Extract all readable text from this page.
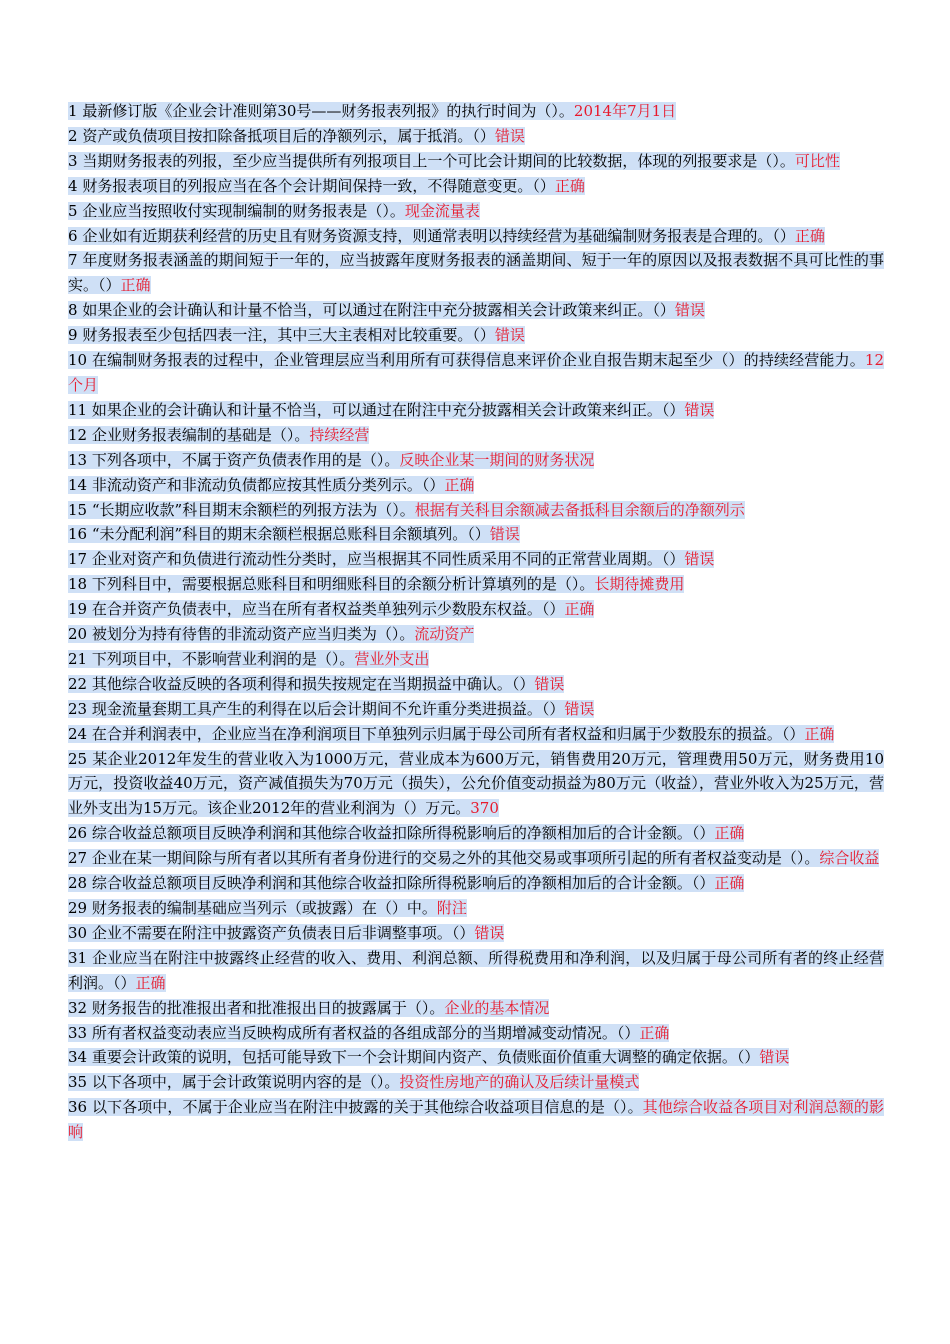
1 最新修订版《企业会计准则第30号——财务报表列报》的执行时间为（）。2014年7月1日

2 资产或负债项目按扣除备抵项目后的净额列示，属于抵消。（）错误

3 当期财务报表的列报，至少应当提供所有列报项目上一个可比会计期间的比较数据，体现的列报要求是（）。可比性

4 财务报表项目的列报应当在各个会计期间保持一致，不得随意变更。（）正确

5 企业应当按照收付实现制编制的财务报表是（）。现金流量表

6 企业如有近期获利经营的历史且有财务资源支持，则通常表明以持续经营为基础编制财务报表是合理的。（）正确

7 年度财务报表涵盖的期间短于一年的，应当披露年度财务报表的涵盖期间、短于一年的原因以及报表数据不具可比性的事实。（）正确

8 如果企业的会计确认和计量不恰当，可以通过在附注中充分披露相关会计政策来纠正。（）错误

9 财务报表至少包括四表一注，其中三大主表相对比较重要。（）错误

10 在编制财务报表的过程中，企业管理层应当利用所有可获得信息来评价企业自报告期末起至少（）的持续经营能力。12个月

11 如果企业的会计确认和计量不恰当，可以通过在附注中充分披露相关会计政策来纠正。（）错误

12 企业财务报表编制的基础是（）。持续经营

13 下列各项中，不属于资产负债表作用的是（）。反映企业某一期间的财务状况

14 非流动资产和非流动负债都应按其性质分类列示。（）正确

15 “长期应收款”科目期末余额栏的列报方法为（）。根据有关科目余额减去备抵科目余额后的净额列示

16 “未分配利润”科目的期末余额栏根据总账科目余额填列。（）错误

17 企业对资产和负债进行流动性分类时，应当根据其不同性质采用不同的正常营业周期。（）错误

18 下列科目中，需要根据总账科目和明细账科目的余额分析计算填列的是（）。长期待摊费用

19 在合并资产负债表中，应当在所有者权益类单独列示少数股东权益。（）正确

20 被划分为持有待售的非流动资产应当归类为（）。流动资产

21 下列项目中，不影响营业利润的是（）。营业外支出

22 其他综合收益反映的各项利得和损失按规定在当期损益中确认。（）错误

23 现金流量套期工具产生的利得在以后会计期间不允许重分类进损益。（）错误

24 在合并利润表中，企业应当在净利润项目下单独列示归属于母公司所有者权益和归属于少数股东的损益。（）正确

25 某企业2012年发生的营业收入为1000万元，营业成本为600万元，销售费用20万元，管理费用50万元，财务费用10万元，投资收益40万元，资产减值损失为70万元（损失），公允价值变动损益为80万元（收益），营业外收入为25万元，营业外支出为15万元。该企业2012年的营业利润为（）万元。370

26 综合收益总额项目反映净利润和其他综合收益扣除所得税影响后的净额相加后的合计金额。（）正确

27 企业在某一期间除与所有者以其所有者身份进行的交易之外的其他交易或事项所引起的所有者权益变动是（）。综合收益

28 综合收益总额项目反映净利润和其他综合收益扣除所得税影响后的净额相加后的合计金额。（）正确

29 财务报表的编制基础应当列示（或披露）在（）中。附注

30 企业不需要在附注中披露资产负债表日后非调整事项。（）错误

31 企业应当在附注中披露终止经营的收入、费用、利润总额、所得税费用和净利润，以及归属于母公司所有者的终止经营利润。（）正确

32 财务报告的批准报出者和批准报出日的披露属于（）。企业的基本情况

33 所有者权益变动表应当反映构成所有者权益的各组成部分的当期增减变动情况。（）正确

34 重要会计政策的说明，包括可能导致下一个会计期间内资产、负债账面价值重大调整的确定依据。（）错误

35 以下各项中，属于会计政策说明内容的是（）。投资性房地产的确认及后续计量模式

36 以下各项中，不属于企业应当在附注中披露的关于其他综合收益项目信息的是（）。其他综合收益各项目对利润总额的影响
